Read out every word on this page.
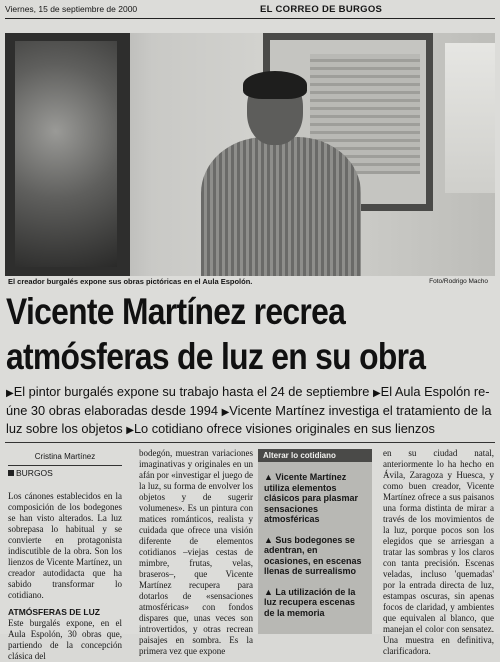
Viernes, 15 de septiembre de 2000	EL CORREO DE BURGOS
El creador burgalés expone sus obras pictóricas en el Aula Espolón.	Foto/Rodrigo Macho
Vicente Martínez recrea
atmósferas de luz en su obra
▶El pintor burgalés expone su trabajo hasta el 24 de septiembre ▶El Aula Espolón re-
úne 30 obras elaboradas desde 1994 ▶Vicente Martínez investiga el tratamiento de la
luz sobre los objetos ▶Lo cotidiano ofrece visiones originales en sus lienzos
Cristina Martínez
BURGOS
Los cánones establecidos en la composición de los bodegones se han visto alterados. La luz sobrepasa lo habitual y se convierte en protagonista indiscutible de la obra. Son los lienzos de Vicente Martínez, un creador autodidacta que ha sabido transformar lo cotidiano.
ATMÓSFERAS DE LUZ
Este burgalés expone, en el Aula Espolón, 30 obras que, partiendo de la concepción clásica del
bodegón, muestran variaciones imaginativas y originales en un afán por «investigar el juego de la luz, su forma de envolver los objetos y de sugerir volumenes». Es un pintura con matices románticos, realista y cuidada que ofrece una visión diferente de elementos cotidianos –viejas cestas de mimbre, frutas, velas, braseros–, que Vicente Martínez recupera para dotarlos de «sensaciones atmosféricas» con fondos dispares que, unas veces son introvertidos, y otras recrean paisajes en sombra. Es la primera vez que expone
Alterar lo cotidiano
▲ Vicente Martínez utiliza elementos clásicos para plasmar sensaciones atmosféricas
▲ Sus bodegones se adentran, en ocasiones, en escenas llenas de surrealismo
▲ La utilización de la luz recupera escenas de la memoria
en su ciudad natal, anteriormente lo ha hecho en Ávila, Zaragoza y Huesca, y como buen creador, Vicente Martínez ofrece a sus paisanos una forma distinta de mirar a través de los movimientos de la luz, porque pocos son los elegidos que se arriesgan a tratar las sombras y los claros con tanta precisión. Escenas veladas, incluso 'quemadas' por la entrada directa de luz, estampas oscuras, sin apenas focos de claridad, y ambientes que equivalen al blanco, que manejan el color con sensatez. Una muestra en definitiva, clarificadora.
